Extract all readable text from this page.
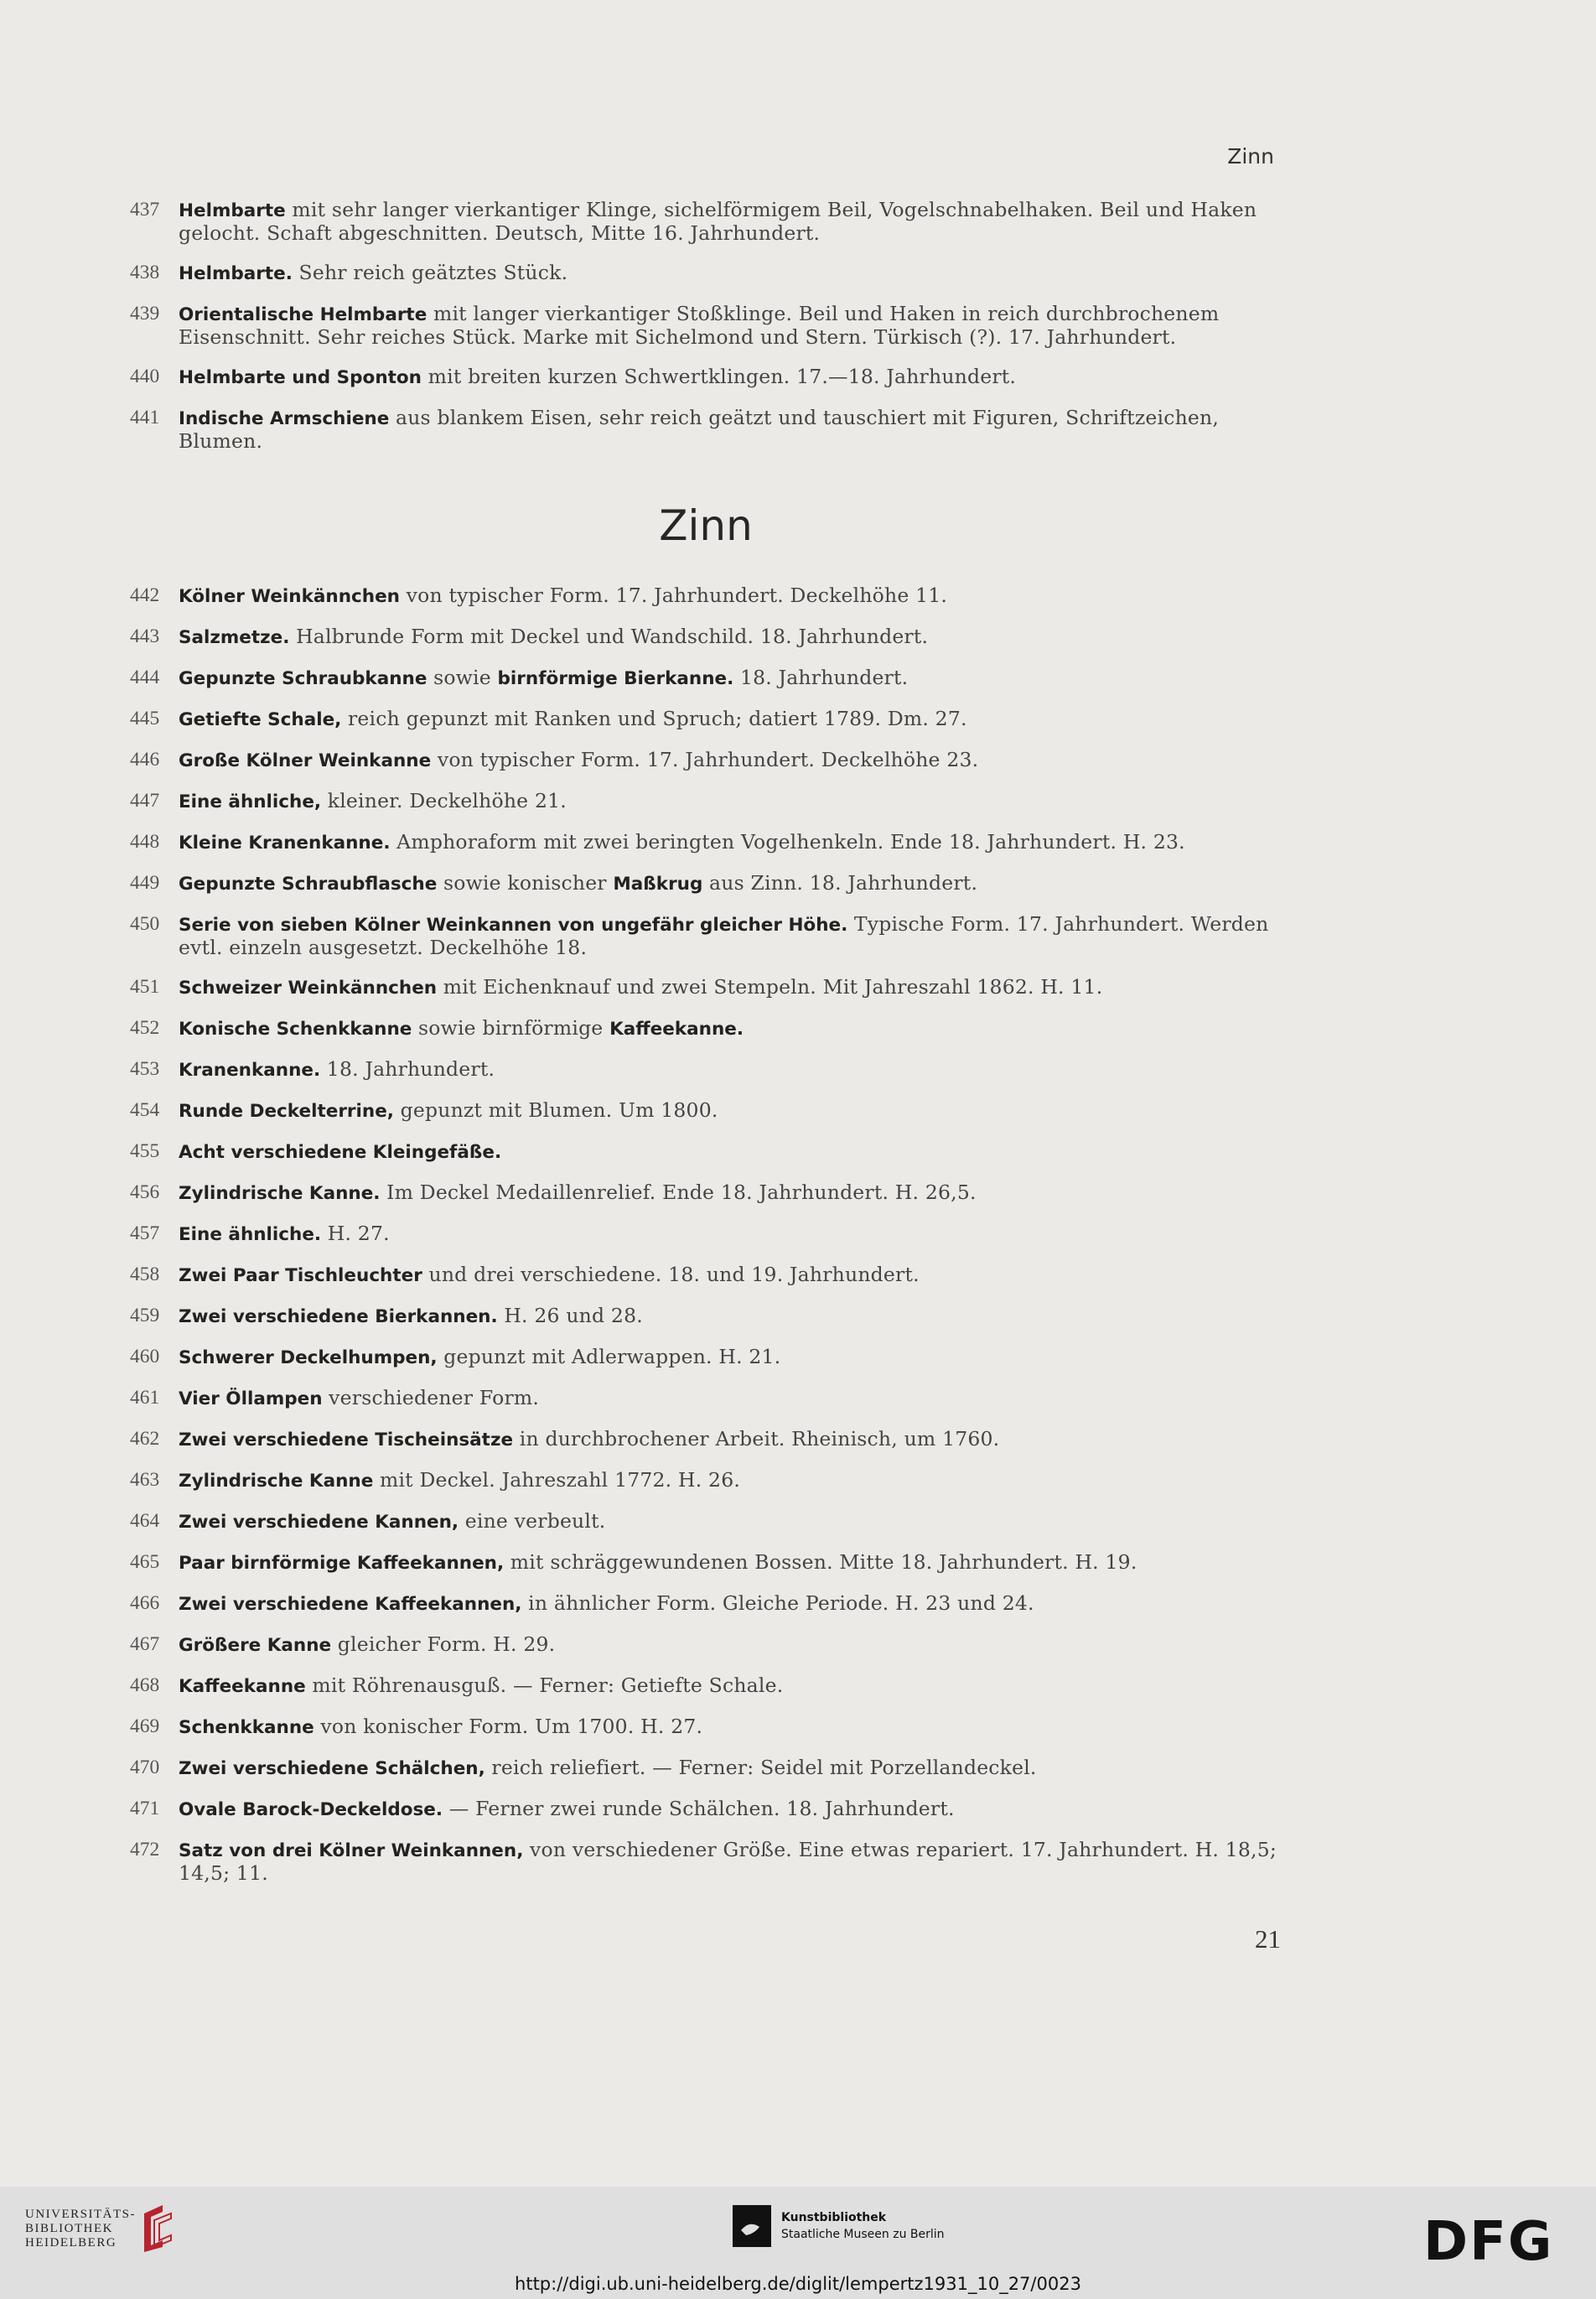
Zinn
437	Helmbarte mit sehr langer vierkantiger Klinge, sichelförmigem Beil, Vogelschnabelhaken. Beil und Haken gelocht. Schaft abgeschnitten. Deutsch, Mitte 16. Jahrhundert.
438	Helmbarte. Sehr reich geätztes Stück.
439	Orientalische Helmbarte mit langer vierkantiger Stoßklinge. Beil und Haken in reich durchbrochenem Eisenschnitt. Sehr reiches Stück. Marke mit Sichelmond und Stern. Türkisch (?). 17. Jahrhundert.
440	Helmbarte und Sponton mit breiten kurzen Schwertklingen. 17.—18. Jahrhundert.
441	Indische Armschiene aus blankem Eisen, sehr reich geätzt und tauschiert mit Figuren, Schriftzeichen, Blumen.
Zinn
442	Kölner Weinkännchen von typischer Form. 17. Jahrhundert. Deckelhöhe 11.
443	Salzmetze. Halbrunde Form mit Deckel und Wandschild. 18. Jahrhundert.
444	Gepunzte Schraubkanne sowie birnförmige Bierkanne. 18. Jahrhundert.
445	Getiefte Schale, reich gepunzt mit Ranken und Spruch; datiert 1789. Dm. 27.
446	Große Kölner Weinkanne von typischer Form. 17. Jahrhundert. Deckelhöhe 23.
447	Eine ähnliche, kleiner. Deckelhöhe 21.
448	Kleine Kranenkanne. Amphoraform mit zwei beringten Vogelhenkeln. Ende 18. Jahrhundert. H. 23.
449	Gepunzte Schraubflasche sowie konischer Maßkrug aus Zinn. 18. Jahrhundert.
450	Serie von sieben Kölner Weinkannen von ungefähr gleicher Höhe. Typische Form. 17. Jahrhundert. Werden evtl. einzeln ausgesetzt. Deckelhöhe 18.
451	Schweizer Weinkännchen mit Eichenknauf und zwei Stempeln. Mit Jahreszahl 1862. H. 11.
452	Konische Schenkkanne sowie birnförmige Kaffeekanne.
453	Kranenkanne. 18. Jahrhundert.
454	Runde Deckelterrine, gepunzt mit Blumen. Um 1800.
455	Acht verschiedene Kleingefäße.
456	Zylindrische Kanne. Im Deckel Medaillenrelief. Ende 18. Jahrhundert. H. 26,5.
457	Eine ähnliche. H. 27.
458	Zwei Paar Tischleuchter und drei verschiedene. 18. und 19. Jahrhundert.
459	Zwei verschiedene Bierkannen. H. 26 und 28.
460	Schwerer Deckelhumpen, gepunzt mit Adlerwappen. H. 21.
461	Vier Öllampen verschiedener Form.
462	Zwei verschiedene Tischeinsätze in durchbrochener Arbeit. Rheinisch, um 1760.
463	Zylindrische Kanne mit Deckel. Jahreszahl 1772. H. 26.
464	Zwei verschiedene Kannen, eine verbeult.
465	Paar birnförmige Kaffeekannen, mit schräggewundenen Bossen. Mitte 18. Jahrhundert. H. 19.
466	Zwei verschiedene Kaffeekannen, in ähnlicher Form. Gleiche Periode. H. 23 und 24.
467	Größere Kanne gleicher Form. H. 29.
468	Kaffeekanne mit Röhrenausguß. — Ferner: Getiefte Schale.
469	Schenkkanne von konischer Form. Um 1700. H. 27.
470	Zwei verschiedene Schälchen, reich reliefiert. — Ferner: Seidel mit Porzellandeckel.
471	Ovale Barock-Deckeldose. — Ferner zwei runde Schälchen. 18. Jahrhundert.
472	Satz von drei Kölner Weinkannen, von verschiedener Größe. Eine etwas repariert. 17. Jahrhundert. H. 18,5; 14,5; 11.
21
UNIVERSITÄTS-
BIBLIOTHEK
HEIDELBERG
Kunstbibliothek
Staatliche Museen zu Berlin	DFG
http://digi.ub.uni-heidelberg.de/diglit/lempertz1931_10_27/0023
